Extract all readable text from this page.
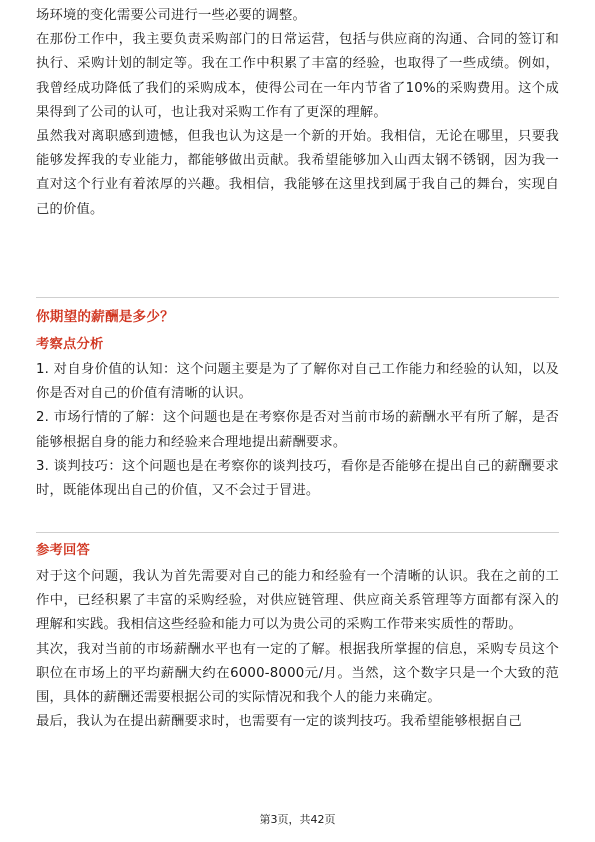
场环境的变化需要公司进行一些必要的调整。

在那份工作中，我主要负责采购部门的日常运营，包括与供应商的沟通、合同的签订和执行、采购计划的制定等。我在工作中积累了丰富的经验，也取得了一些成绩。例如，我曾经成功降低了我们的采购成本，使得公司在一年内节省了10%的采购费用。这个成果得到了公司的认可，也让我对采购工作有了更深的理解。

虽然我对离职感到遗憾，但我也认为这是一个新的开始。我相信，无论在哪里，只要我能够发挥我的专业能力，都能够做出贡献。我希望能够加入山西太钢不锈钢，因为我一直对这个行业有着浓厚的兴趣。我相信，我能够在这里找到属于我自己的舞台，实现自己的价值。

你期望的薪酬是多少？
考察点分析

1. 对自身价值的认知：这个问题主要是为了了解你对自己工作能力和经验的认知，以及你是否对自己的价值有清晰的认识。

2. 市场行情的了解：这个问题也是在考察你是否对当前市场的薪酬水平有所了解，是否能够根据自身的能力和经验来合理地提出薪酬要求。

3. 谈判技巧：这个问题也是在考察你的谈判技巧，看你是否能够在提出自己的薪酬要求时，既能体现出自己的价值，又不会过于冒进。

参考回答

对于这个问题，我认为首先需要对自己的能力和经验有一个清晰的认识。我在之前的工作中，已经积累了丰富的采购经验，对供应链管理、供应商关系管理等方面都有深入的理解和实践。我相信这些经验和能力可以为贵公司的采购工作带来实质性的帮助。

其次，我对当前的市场薪酬水平也有一定的了解。根据我所掌握的信息，采购专员这个职位在市场上的平均薪酬大约在6000-8000元/月。当然，这个数字只是一个大致的范围，具体的薪酬还需要根据公司的实际情况和我个人的能力来确定。

最后，我认为在提出薪酬要求时，也需要有一定的谈判技巧。我希望能够根据自己

第3页，共42页
